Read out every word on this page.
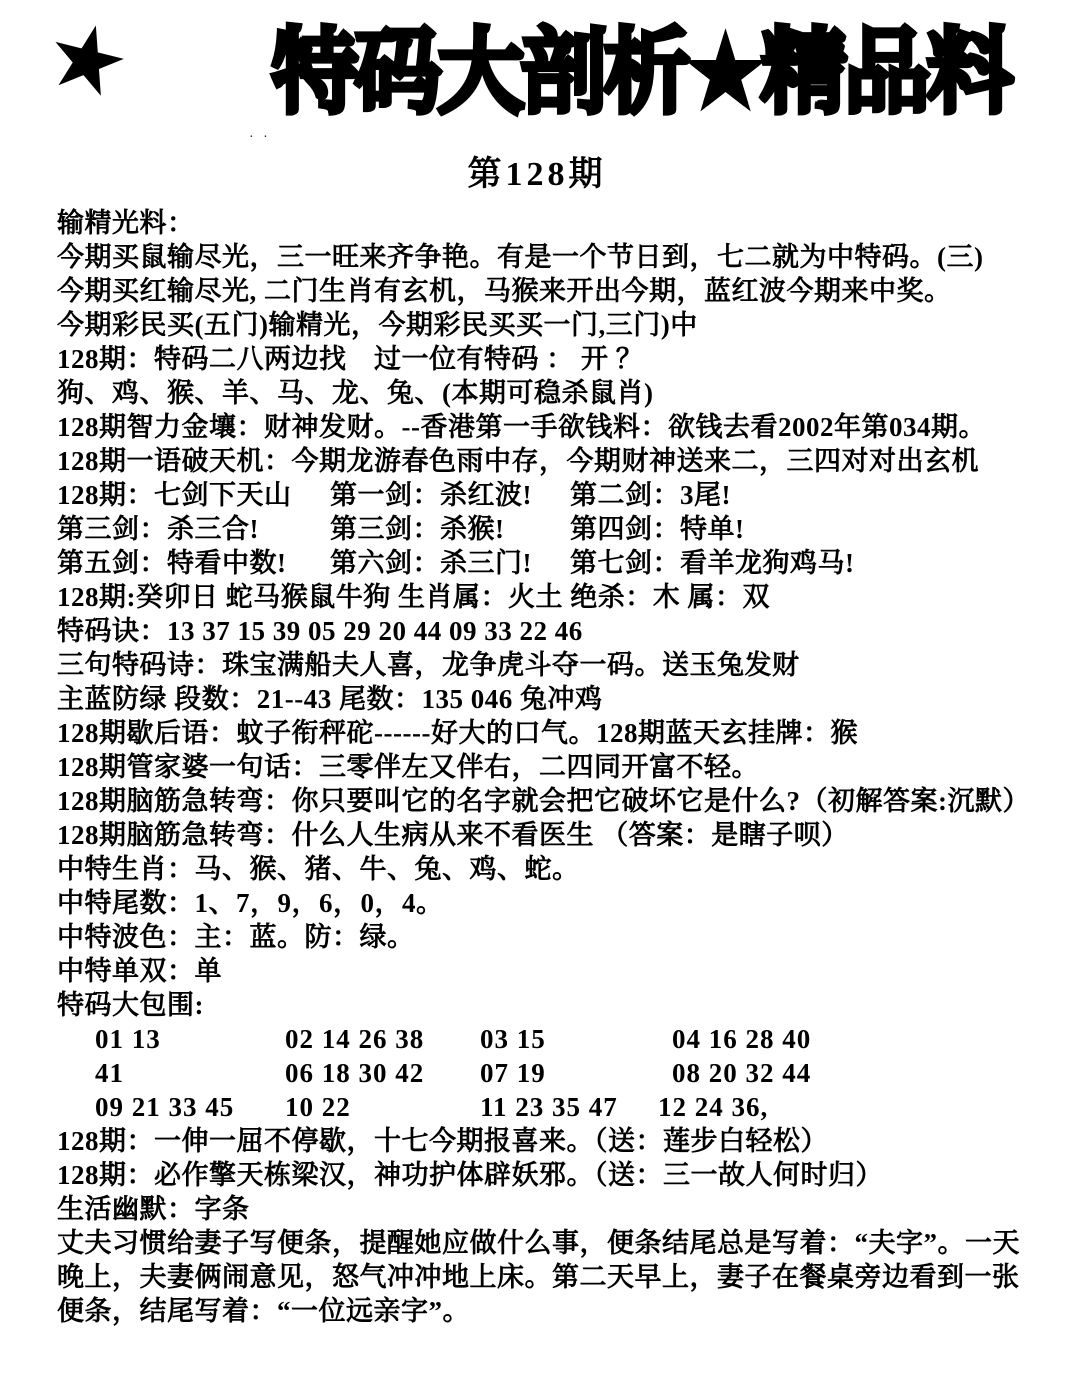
★ 特码大剖析★精品料
· ·
第128期
输精光料：
今期买鼠输尽光，三一旺来齐争艳。有是一个节日到，七二就为中特码。(三)
今期买红输尽光, 二门生肖有玄机，马猴来开出今期，蓝红波今期来中奖。
今期彩民买(五门)输精光，今期彩民买买一门,三门)中
128期：特码二八两边找　过一位有特码 ： 开 ？
狗、鸡、猴、羊、马、龙、兔、(本期可稳杀鼠肖)
128期智力金壤：财神发财。--香港第一手欲钱料：欲钱去看2002年第034期。
128期一语破天机：今期龙游春色雨中存，今期财神送来二，三四对对出玄机
128期：七剑下天山	第一剑：杀红波!	第二剑：3尾!
第三剑：杀三合!	第三剑：杀猴!	第四剑：特单!
第五剑：特看中数!	第六剑：杀三门!	第七剑：看羊龙狗鸡马!
128期:癸卯日 蛇马猴鼠牛狗 生肖属：火土 绝杀：木 属：双
特码诀：13 37 15 39 05 29 20 44 09 33 22 46
三句特码诗：珠宝满船夫人喜，龙争虎斗夺一码。送玉兔发财
主蓝防绿 段数：21--43 尾数：135 046 兔冲鸡
128期歇后语：蚊子衔秤砣------好大的口气。128期蓝天玄挂牌：猴
128期管家婆一句话：三零伴左又伴右，二四同开富不轻。
128期脑筋急转弯：你只要叫它的名字就会把它破坏它是什么?（初解答案:沉默）
128期脑筋急转弯：什么人生病从来不看医生 （答案：是瞎子呗）
中特生肖：马、猴、猪、牛、兔、鸡、蛇。
中特尾数：1、7，9，6，0，4。
中特波色：主：蓝。防：绿。
中特单双：单
特码大包围:
01 13	02 14 26 38	03 15	04 16 28 40
41	06 18 30 42	07 19	08 20 32 44
09 21 33 45	10 22	11 23 35 47	12 24 36,
128期：一伸一屈不停歇，十七今期报喜来。（送：莲步白轻松）
128期：必作擎天栋梁汉，神功护体辟妖邪。（送：三一故人何时归）
生活幽默：字条
丈夫习惯给妻子写便条，提醒她应做什么事，便条结尾总是写着：“夫字”。一天
晚上，夫妻俩闹意见，怒气冲冲地上床。第二天早上，妻子在餐桌旁边看到一张
便条，结尾写着：“一位远亲字”。
